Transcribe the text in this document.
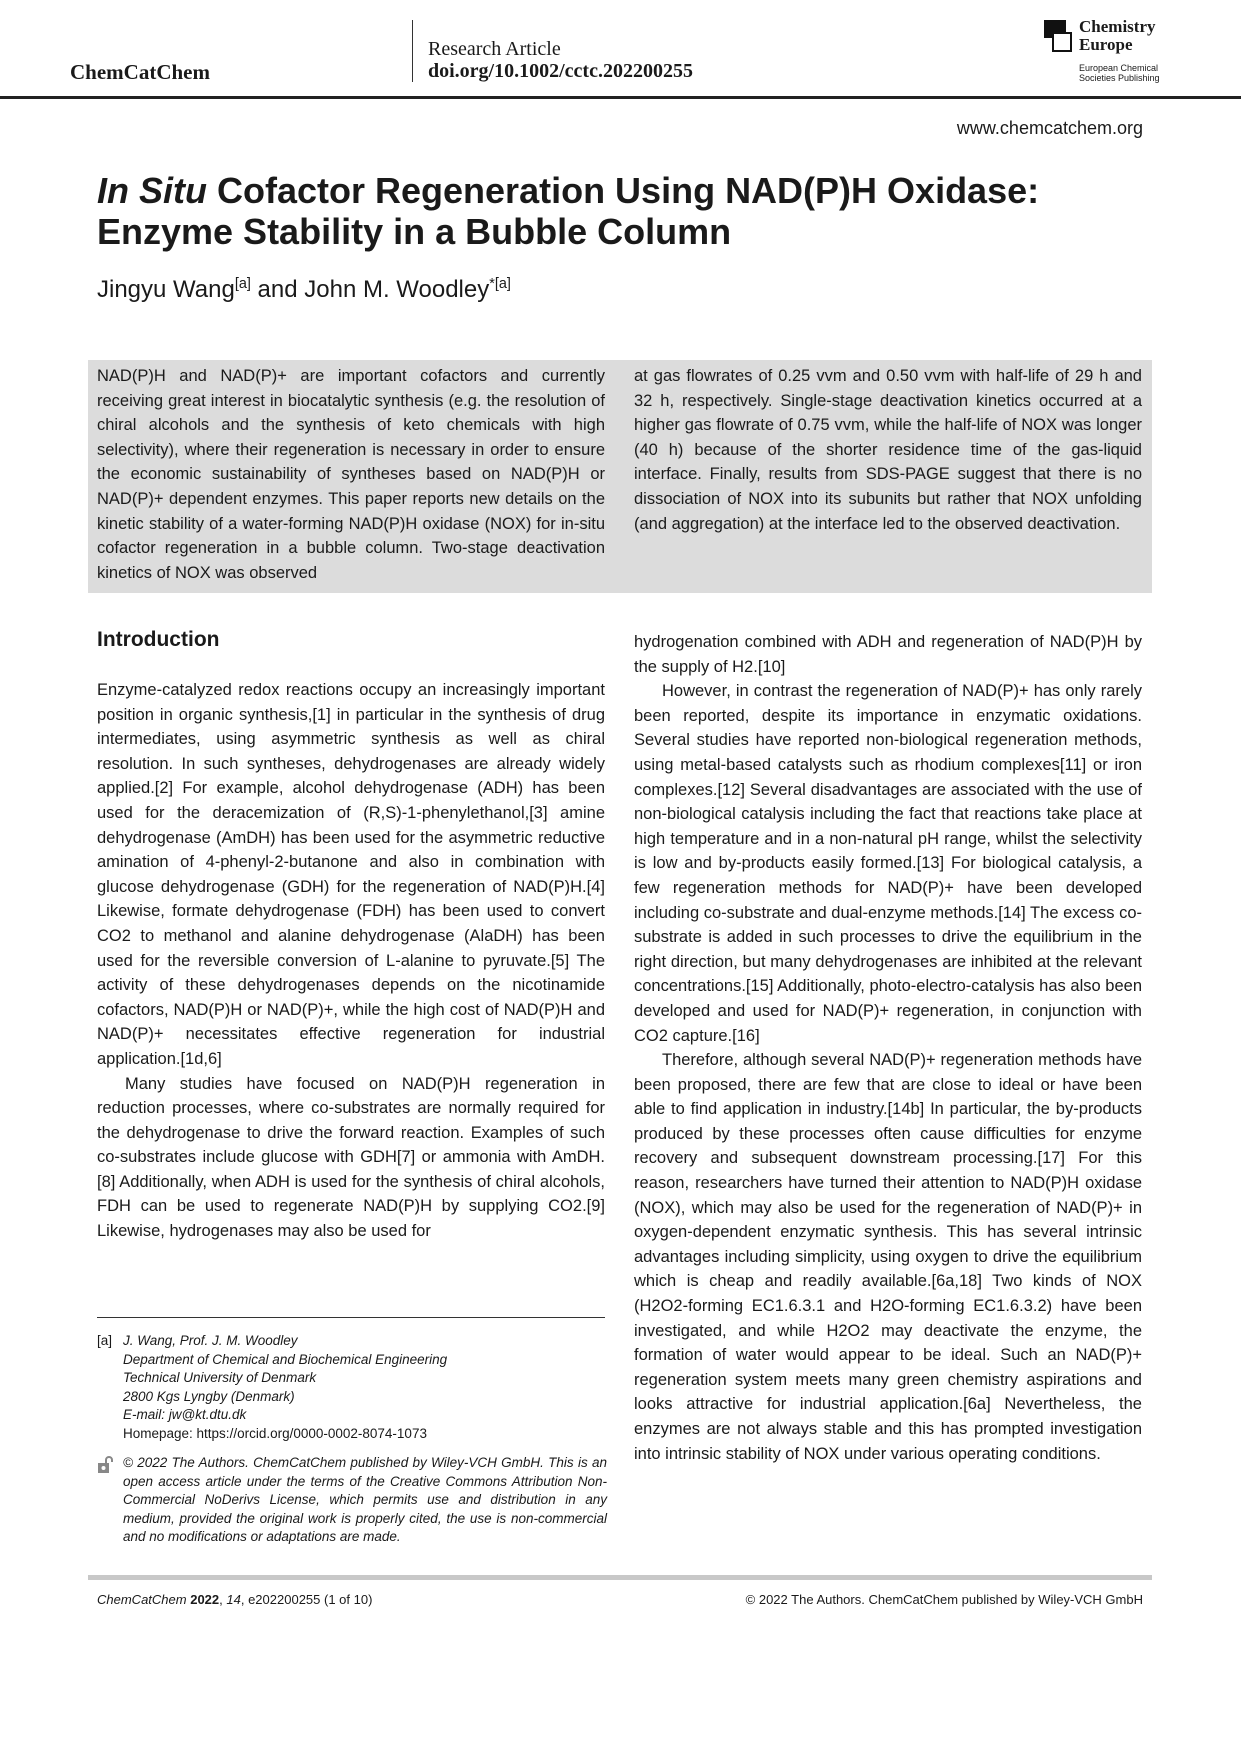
ChemCatChem
Research Article
doi.org/10.1002/cctc.202200255
Chemistry
Europe
European Chemical
Societies Publishing
www.chemcatchem.org
In Situ Cofactor Regeneration Using NAD(P)H Oxidase:
Enzyme Stability in a Bubble Column
Jingyu Wang[a] and John M. Woodley$^{*[a]}$
NAD(P)H and NAD(P)+ are important cofactors and currently receiving great interest in biocatalytic synthesis (e.g. the resolution of chiral alcohols and the synthesis of keto chemicals with high selectivity), where their regeneration is necessary in order to ensure the economic sustainability of syntheses based on NAD(P)H or NAD(P)+ dependent enzymes. This paper reports new details on the kinetic stability of a water-forming NAD(P)H oxidase (NOX) for in-situ cofactor regeneration in a bubble column. Two-stage deactivation kinetics of NOX was observed
at gas flowrates of 0.25 vvm and 0.50 vvm with half-life of 29 h and 32 h, respectively. Single-stage deactivation kinetics occurred at a higher gas flowrate of 0.75 vvm, while the half-life of NOX was longer (40 h) because of the shorter residence time of the gas-liquid interface. Finally, results from SDS-PAGE suggest that there is no dissociation of NOX into its subunits but rather that NOX unfolding (and aggregation) at the interface led to the observed deactivation.
Introduction

Enzyme-catalyzed redox reactions occupy an increasingly important position in organic synthesis,[1] in particular in the synthesis of drug intermediates, using asymmetric synthesis as well as chiral resolution. In such syntheses, dehydrogenases are already widely applied.[2] For example, alcohol dehydrogenase (ADH) has been used for the deracemization of (R,S)-1-phenylethanol,[3] amine dehydrogenase (AmDH) has been used for the asymmetric reductive amination of 4-phenyl-2-butanone and also in combination with glucose dehydrogenase (GDH) for the regeneration of NAD(P)H.[4] Likewise, formate dehydrogenase (FDH) has been used to convert CO2 to methanol and alanine dehydrogenase (AlaDH) has been used for the reversible conversion of L-alanine to pyruvate.[5] The activity of these dehydrogenases depends on the nicotinamide cofactors, NAD(P)H or NAD(P)+, while the high cost of NAD(P)H and NAD(P)+ necessitates effective regeneration for industrial application.[1d,6]

Many studies have focused on NAD(P)H regeneration in reduction processes, where co-substrates are normally required for the dehydrogenase to drive the forward reaction. Examples of such co-substrates include glucose with GDH[7] or ammonia with AmDH.[8] Additionally, when ADH is used for the synthesis of chiral alcohols, FDH can be used to regenerate NAD(P)H by supplying CO2.[9] Likewise, hydrogenases may also be used for

hydrogenation combined with ADH and regeneration of NAD(P)H by the supply of H2.[10]

However, in contrast the regeneration of NAD(P)+ has only rarely been reported, despite its importance in enzymatic oxidations. Several studies have reported non-biological regeneration methods, using metal-based catalysts such as rhodium complexes[11] or iron complexes.[12] Several disadvantages are associated with the use of non-biological catalysis including the fact that reactions take place at high temperature and in a non-natural pH range, whilst the selectivity is low and by-products easily formed.[13] For biological catalysis, a few regeneration methods for NAD(P)+ have been developed including co-substrate and dual-enzyme methods.[14] The excess co-substrate is added in such processes to drive the equilibrium in the right direction, but many dehydrogenases are inhibited at the relevant concentrations.[15] Additionally, photo-electro-catalysis has also been developed and used for NAD(P)+ regeneration, in conjunction with CO2 capture.[16]

Therefore, although several NAD(P)+ regeneration methods have been proposed, there are few that are close to ideal or have been able to find application in industry.[14b] In particular, the by-products produced by these processes often cause difficulties for enzyme recovery and subsequent downstream processing.[17] For this reason, researchers have turned their attention to NAD(P)H oxidase (NOX), which may also be used for the regeneration of NAD(P)+ in oxygen-dependent enzymatic synthesis. This has several intrinsic advantages including simplicity, using oxygen to drive the equilibrium which is cheap and readily available.[6a,18] Two kinds of NOX (H2O2-forming EC1.6.3.1 and H2O-forming EC1.6.3.2) have been investigated, and while H2O2 may deactivate the enzyme, the formation of water would appear to be ideal. Such an NAD(P)+ regeneration system meets many green chemistry aspirations and looks attractive for industrial application.[6a] Nevertheless, the enzymes are not always stable and this has prompted investigation into intrinsic stability of NOX under various operating conditions.

[a] J. Wang, Prof. J. M. Woodley
Department of Chemical and Biochemical Engineering
Technical University of Denmark
2800 Kgs Lyngby (Denmark)
E-mail: jw@kt.dtu.dk
Homepage: https://orcid.org/0000-0002-8074-1073
© 2022 The Authors. ChemCatChem published by Wiley-VCH GmbH. This is an open access article under the terms of the Creative Commons Attribution Non-Commercial NoDerivs License, which permits use and distribution in any medium, provided the original work is properly cited, the use is non-commercial and no modifications or adaptations are made.
ChemCatChem 2022, 14, e202200255 (1 of 10)	© 2022 The Authors. ChemCatChem published by Wiley-VCH GmbH
